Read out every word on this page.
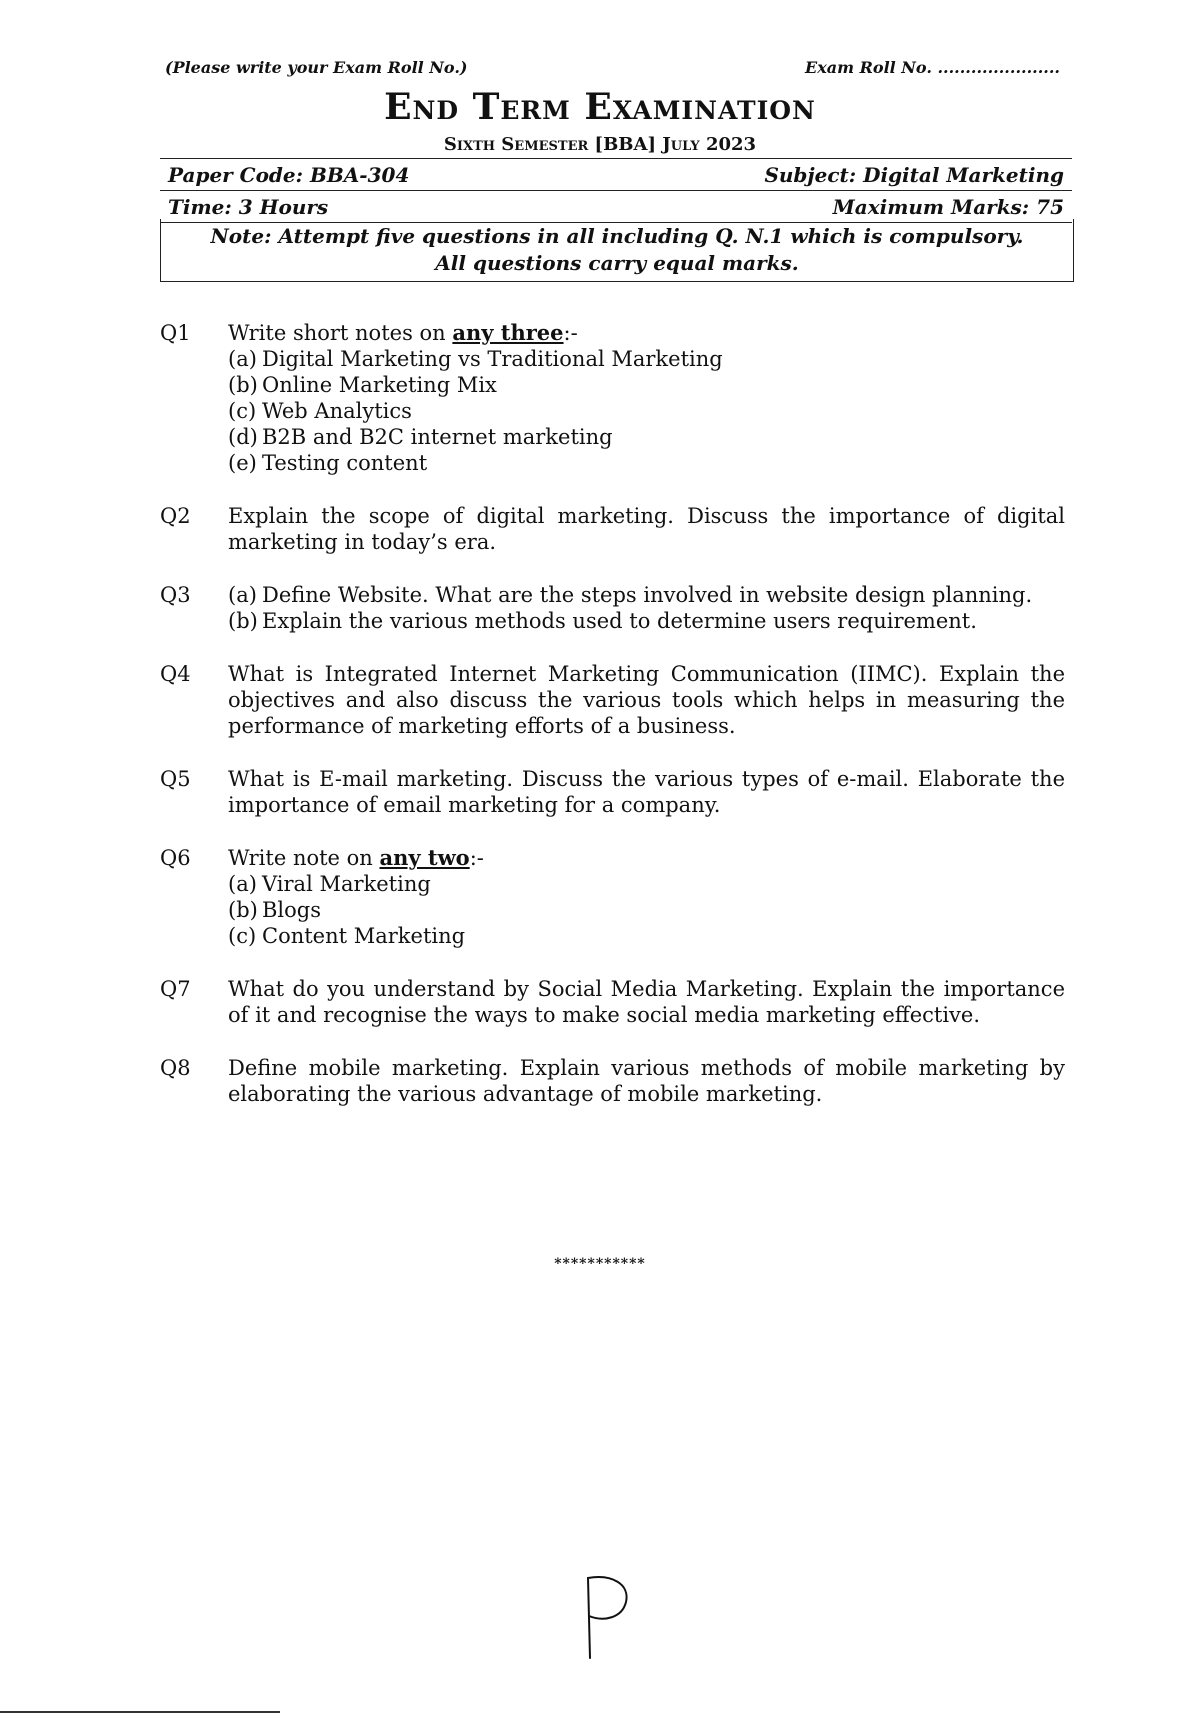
(Please write your Exam Roll No.)	Exam Roll No. ......................
End Term Examination
Sixth Semester [BBA] July 2023
Paper Code: BBA-304	Subject: Digital Marketing
Time: 3 Hours	Maximum Marks: 75
Note: Attempt five questions in all including Q. N.1 which is compulsory.
All questions carry equal marks.
Q1	Write short notes on any three:-

(a) Digital Marketing vs Traditional Marketing
(b) Online Marketing Mix
(c) Web Analytics
(d) B2B and B2C internet marketing
(e) Testing content
Q2	Explain the scope of digital marketing. Discuss the importance of digital marketing in today’s era.

Q3	(a) Define Website. What are the steps involved in website design planning.
(b) Explain the various methods used to determine users requirement.
Q4	What is Integrated Internet Marketing Communication (IIMC). Explain the objectives and also discuss the various tools which helps in measuring the performance of marketing efforts of a business.

Q5	What is E-mail marketing. Discuss the various types of e-mail. Elaborate the importance of email marketing for a company.

Q6	Write note on any two:-

(a) Viral Marketing
(b) Blogs
(c) Content Marketing
Q7	What do you understand by Social Media Marketing. Explain the importance of it and recognise the ways to make social media marketing effective.

Q8	Define mobile marketing. Explain various methods of mobile marketing by elaborating the various advantage of mobile marketing.

***********
